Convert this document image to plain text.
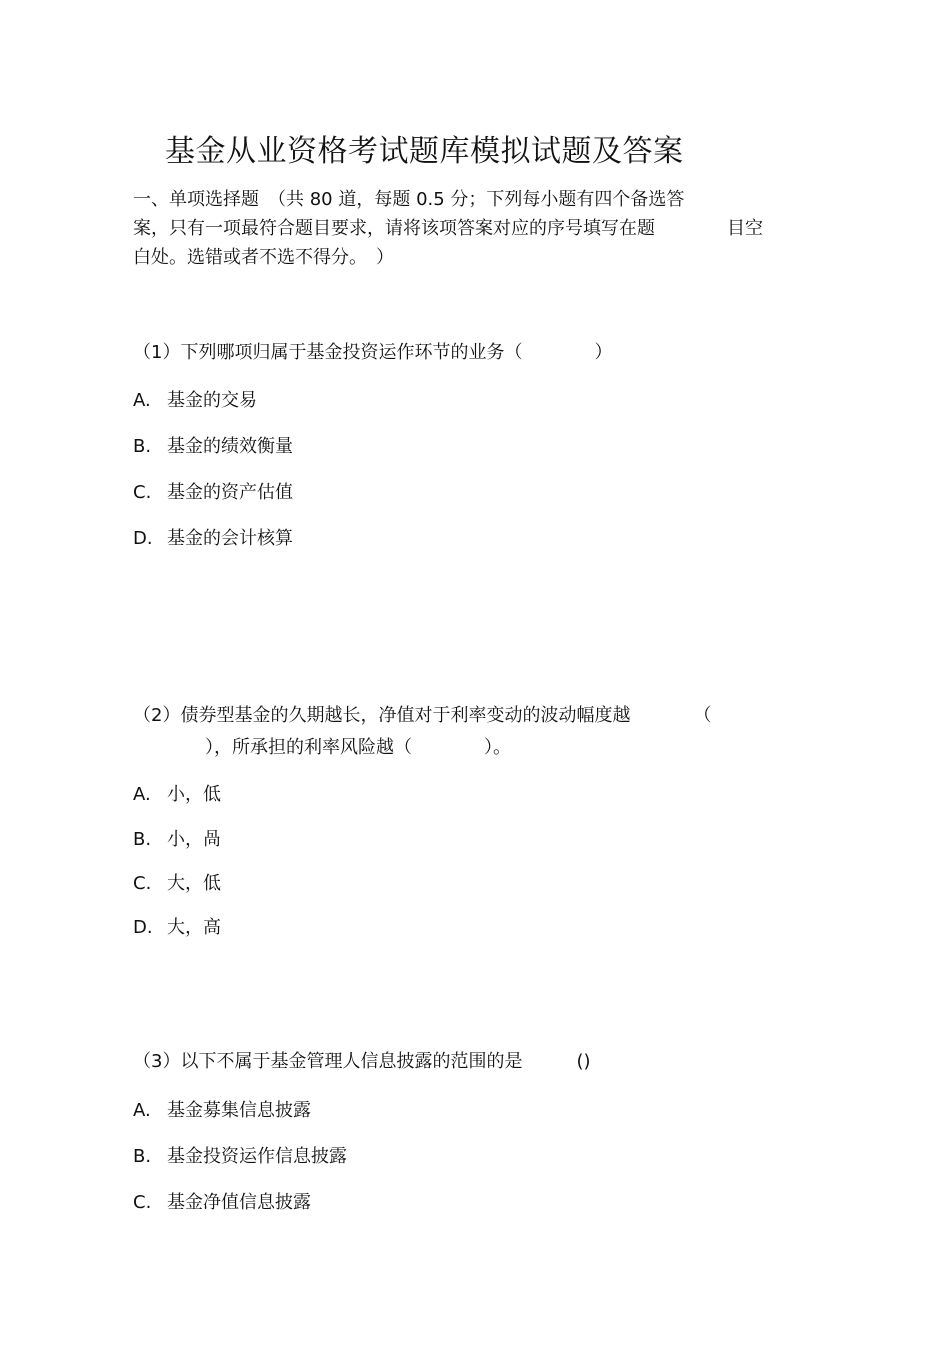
基金从业资格考试题库模拟试题及答案
一、单项选择题　（共 80 道，每题 0.5 分；下列每小题有四个备选答
案，只有一项最符合题目要求，请将该项答案对应的序号填写在题　　　　目空
白处。选错或者不选不得分。　）
（1）下列哪项归属于基金投资运作环节的业务（　　　　）
A. 基金的交易
B. 基金的绩效衡量
C. 基金的资产估值
D. 基金的会计核算
（2）债券型基金的久期越长，净值对于利率变动的波动幅度越　　　　（
　　　　），所承担的利率风险越（　　　　）。
A. 小，低
B. 小，咼
C. 大，低
D. 大，高
（3）以下不属于基金管理人信息披露的范围的是　　　()
A. 基金募集信息披露
B. 基金投资运作信息披露
C. 基金净值信息披露
